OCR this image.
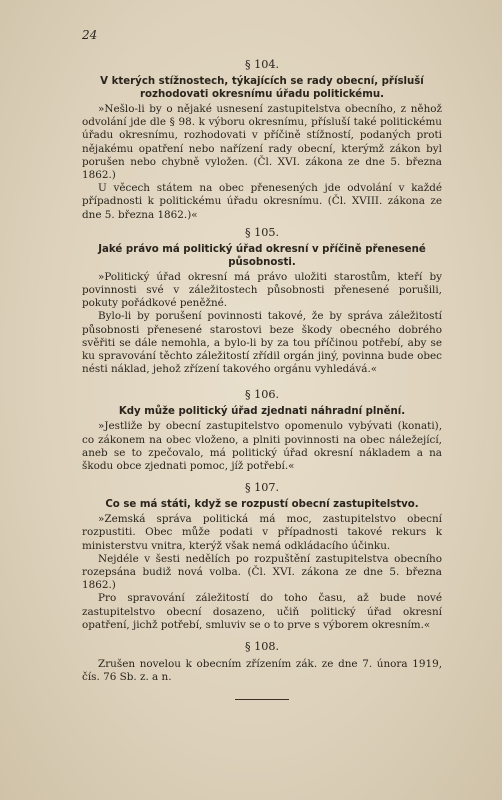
24

§ 104.

V kterých stížnostech, týkajících se rady obecní, přísluší rozhodovati okresnímu úřadu politickému.

»Nešlo-li by o nějaké usnesení zastupitelstva obecního, z něhož odvolání jde dle § 98. k výboru okresnímu, přísluší také politickému úřadu okresnímu, rozhodovati v příčině stížností, podaných proti nějakému opatření nebo nařízení rady obecní, kterýmž zákon byl porušen nebo chybně vyložen. (Čl. XVI. zákona ze dne 5. března 1862.)

U věcech státem na obec přenesených jde odvolání v každé případnosti k politickému úřadu okresnímu. (Čl. XVIII. zákona ze dne 5. března 1862.)«

§ 105.

Jaké právo má politický úřad okresní v příčině přenesené působnosti.

»Politický úřad okresní má právo uložiti starostům, kteří by povinnosti své v záležitostech působnosti přenesené porušili, pokuty pořádkové peněžné.

Bylo-li by porušení povinnosti takové, že by správa záležitostí působnosti přenesené starostovi beze škody obecného dobrého svěřiti se dále nemohla, a bylo-li by za tou příčinou potřebí, aby se ku spravování těchto záležitostí zřídil orgán jiný, povinna bude obec nésti náklad, jehož zřízení takového orgánu vyhledává.«

§ 106.

Kdy může politický úřad zjednati náhradní plnění.

»Jestliže by obecní zastupitelstvo opomenulo vybývati (konati), co zákonem na obec vloženo, a plniti povinnosti na obec náležející, aneb se to zpečovalo, má politický úřad okresní nákladem a na škodu obce zjednati pomoc, jíž potřebí.«

§ 107.

Co se má státi, když se rozpustí obecní zastupitelstvo.

»Zemská správa politická má moc, zastupitelstvo obecní rozpustiti. Obec může podati v případnosti takové rekurs k ministerstvu vnitra, kterýž však nemá odkládacího účinku.

Nejdéle v šesti nedělích po rozpuštění zastupitelstva obecního rozepsána budiž nová volba. (Čl. XVI. zákona ze dne 5. března 1862.)

Pro spravování záležitostí do toho času, až bude nové zastupitelstvo obecní dosazeno, učiň politický úřad okresní opatření, jichž potřebí, smluviv se o to prve s výborem okresním.«

§ 108.

Zrušen novelou k obecním zřízením zák. ze dne 7. února 1919, čís. 76 Sb. z. a n.
